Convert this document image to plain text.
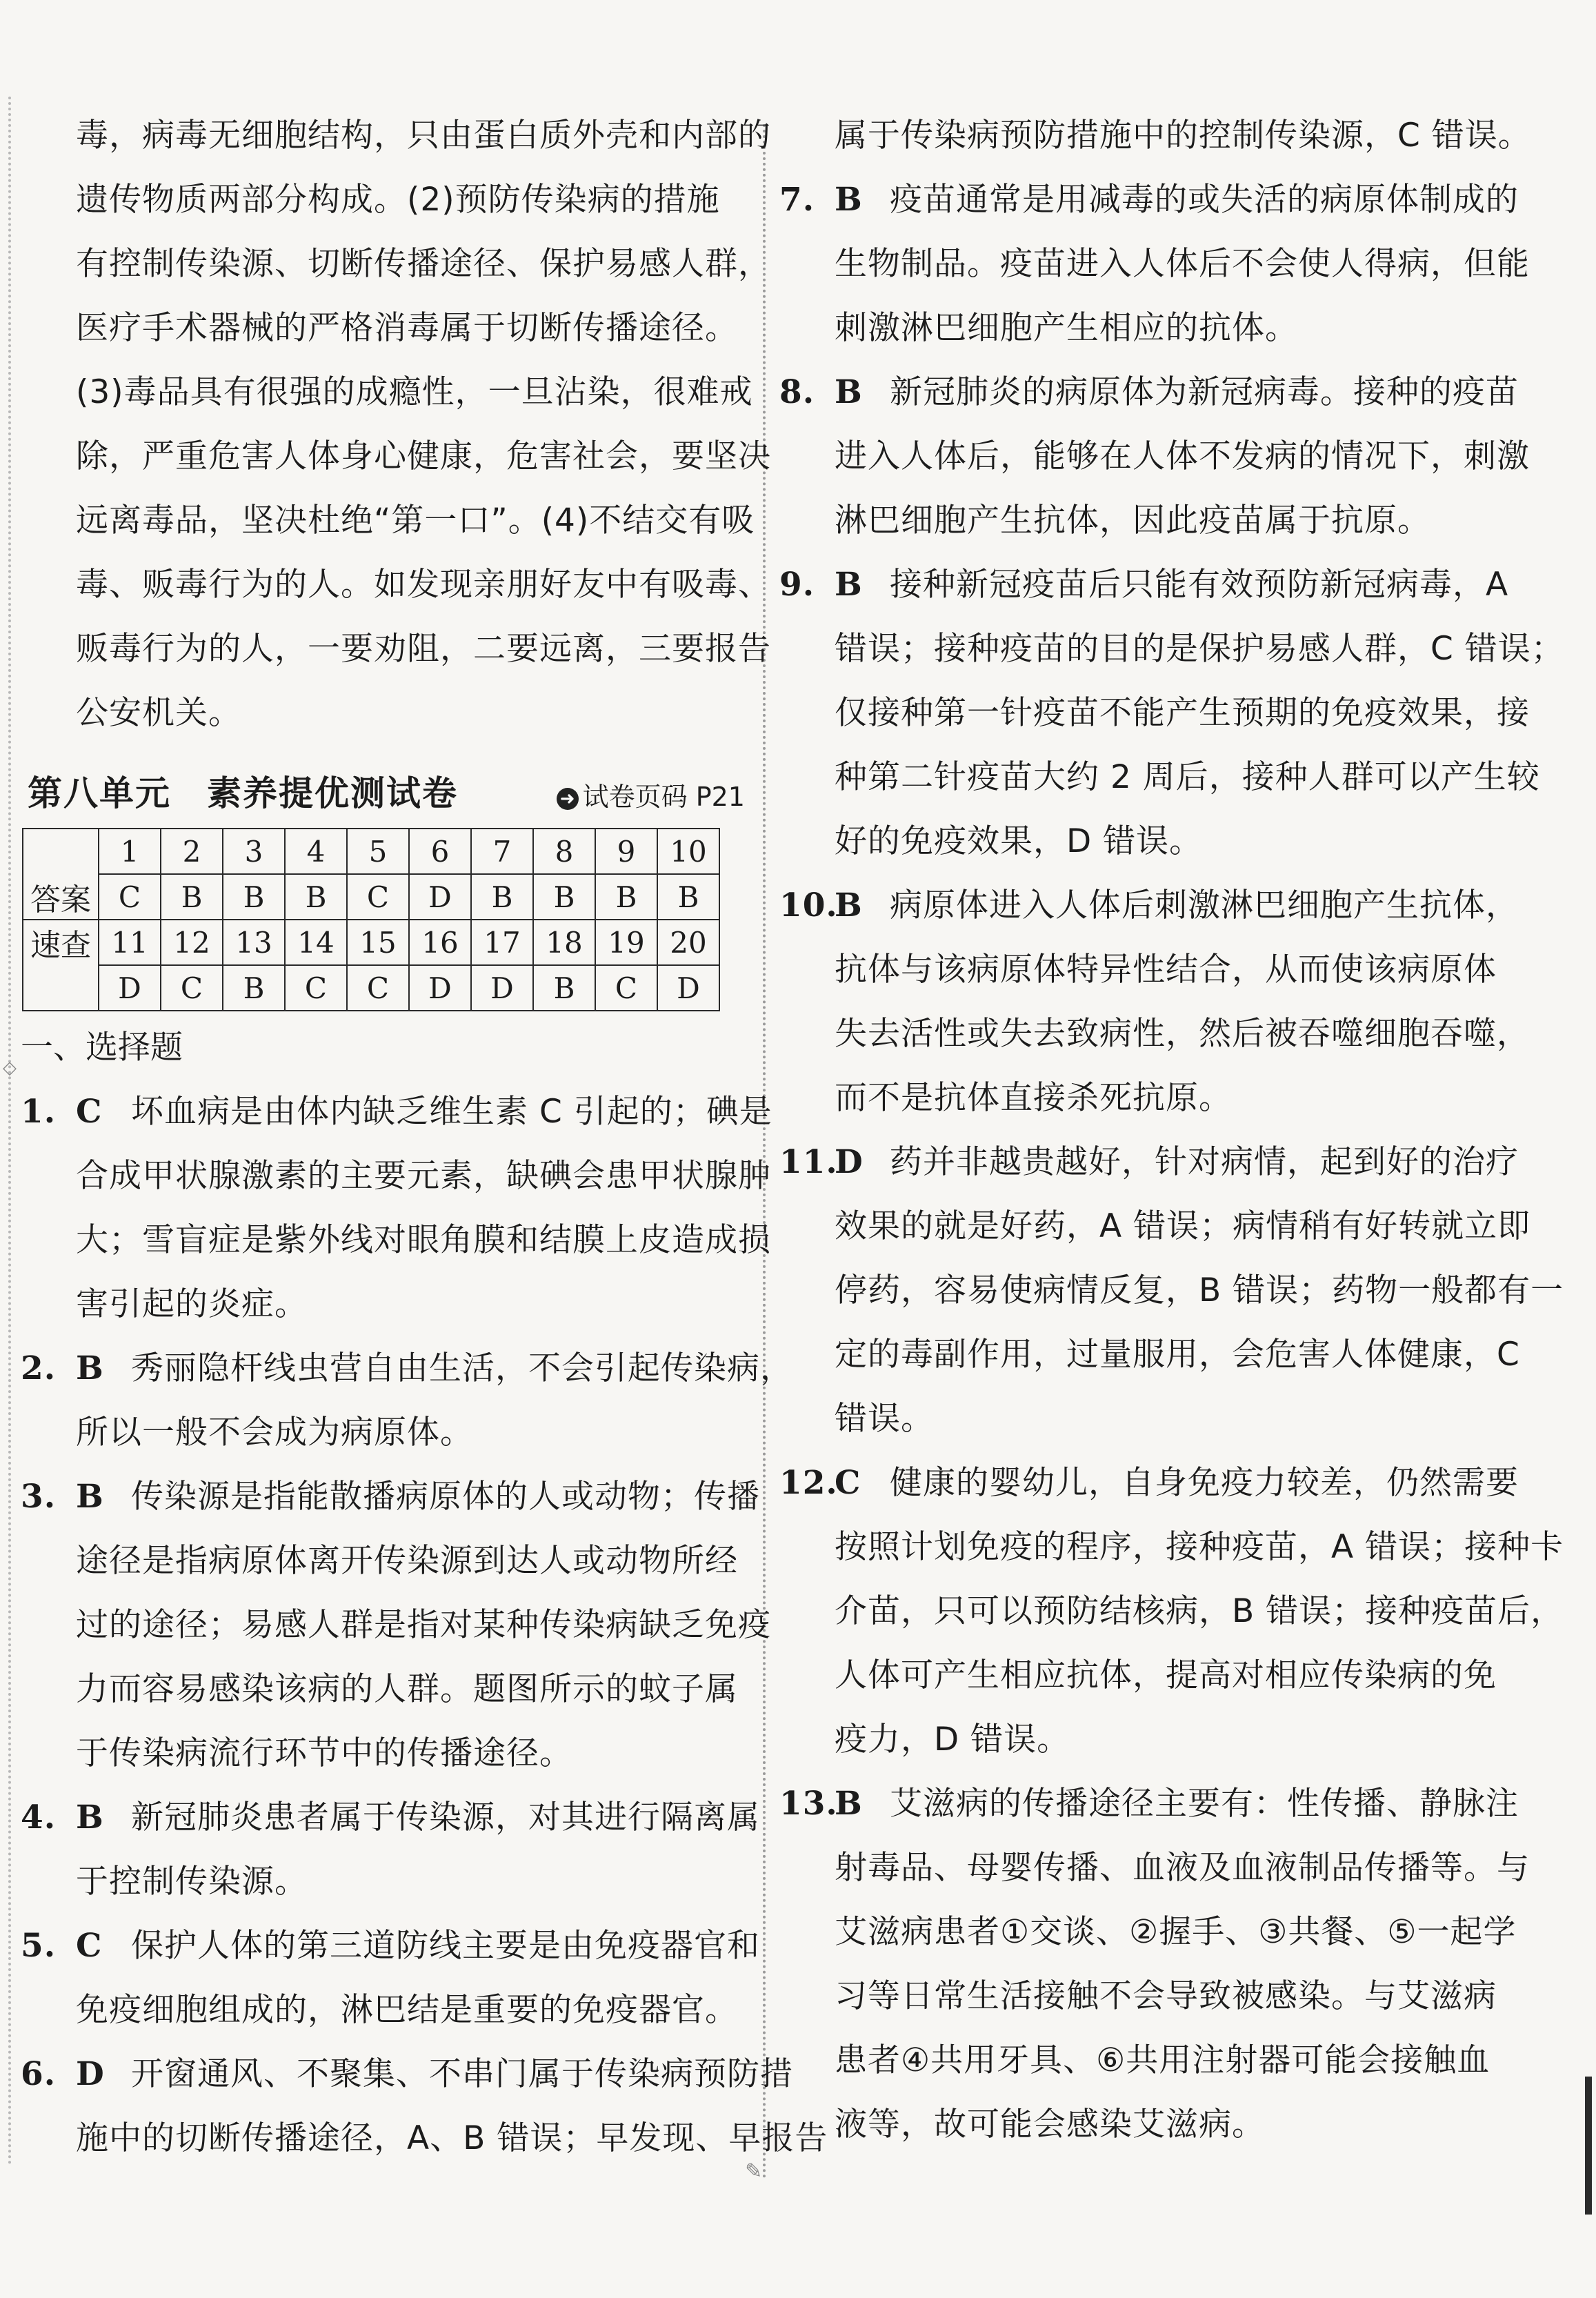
毒，病毒无细胞结构，只由蛋白质外壳和内部的

遗传物质两部分构成。(2)预防传染病的措施

有控制传染源、切断传播途径、保护易感人群，

医疗手术器械的严格消毒属于切断传播途径。

(3)毒品具有很强的成瘾性，一旦沾染，很难戒

除，严重危害人体身心健康，危害社会，要坚决

远离毒品，坚决杜绝“第一口”。(4)不结交有吸

毒、贩毒行为的人。如发现亲朋好友中有吸毒、

贩毒行为的人，一要劝阻，二要远离，三要报告

公安机关。

第八单元　素养提优测试卷	➜ 试卷页码 P21
答案	1	2	3	4	5	6	7	8	9	10
	C	B	B	B	C	D	B	B	B	B
速查	11	12	13	14	15	16	17	18	19	20
	D	C	B	C	C	D	D	B	C	D
◇
一、选择题
1. C 坏血病是由体内缺乏维生素 C 引起的；碘是

合成甲状腺激素的主要元素，缺碘会患甲状腺肿

大；雪盲症是紫外线对眼角膜和结膜上皮造成损

害引起的炎症。

2. B 秀丽隐杆线虫营自由生活，不会引起传染病，

所以一般不会成为病原体。

3. B 传染源是指能散播病原体的人或动物；传播

途径是指病原体离开传染源到达人或动物所经

过的途径；易感人群是指对某种传染病缺乏免疫

力而容易感染该病的人群。题图所示的蚊子属

于传染病流行环节中的传播途径。

4. B 新冠肺炎患者属于传染源，对其进行隔离属

于控制传染源。

5. C 保护人体的第三道防线主要是由免疫器官和

免疫细胞组成的，淋巴结是重要的免疫器官。

6. D 开窗通风、不聚集、不串门属于传染病预防措

施中的切断传播途径，A、B 错误；早发现、早报告

✎

属于传染病预防措施中的控制传染源，C 错误。

7. B 疫苗通常是用减毒的或失活的病原体制成的

生物制品。疫苗进入人体后不会使人得病，但能

刺激淋巴细胞产生相应的抗体。

8. B 新冠肺炎的病原体为新冠病毒。接种的疫苗

进入人体后，能够在人体不发病的情况下，刺激

淋巴细胞产生抗体，因此疫苗属于抗原。

9. B 接种新冠疫苗后只能有效预防新冠病毒，A

错误；接种疫苗的目的是保护易感人群，C 错误；

仅接种第一针疫苗不能产生预期的免疫效果，接

种第二针疫苗大约 2 周后，接种人群可以产生较

好的免疫效果，D 错误。

10.B 病原体进入人体后刺激淋巴细胞产生抗体，

抗体与该病原体特异性结合，从而使该病原体

失去活性或失去致病性，然后被吞噬细胞吞噬，

而不是抗体直接杀死抗原。

11.D 药并非越贵越好，针对病情，起到好的治疗

效果的就是好药，A 错误；病情稍有好转就立即

停药，容易使病情反复，B 错误；药物一般都有一

定的毒副作用，过量服用，会危害人体健康，C

错误。

12.C 健康的婴幼儿，自身免疫力较差，仍然需要

按照计划免疫的程序，接种疫苗，A 错误；接种卡

介苗，只可以预防结核病，B 错误；接种疫苗后，

人体可产生相应抗体，提高对相应传染病的免

疫力，D 错误。

13.B 艾滋病的传播途径主要有：性传播、静脉注

射毒品、母婴传播、血液及血液制品传播等。与

艾滋病患者①交谈、②握手、③共餐、⑤一起学

习等日常生活接触不会导致被感染。与艾滋病

患者④共用牙具、⑥共用注射器可能会接触血

液等，故可能会感染艾滋病。
